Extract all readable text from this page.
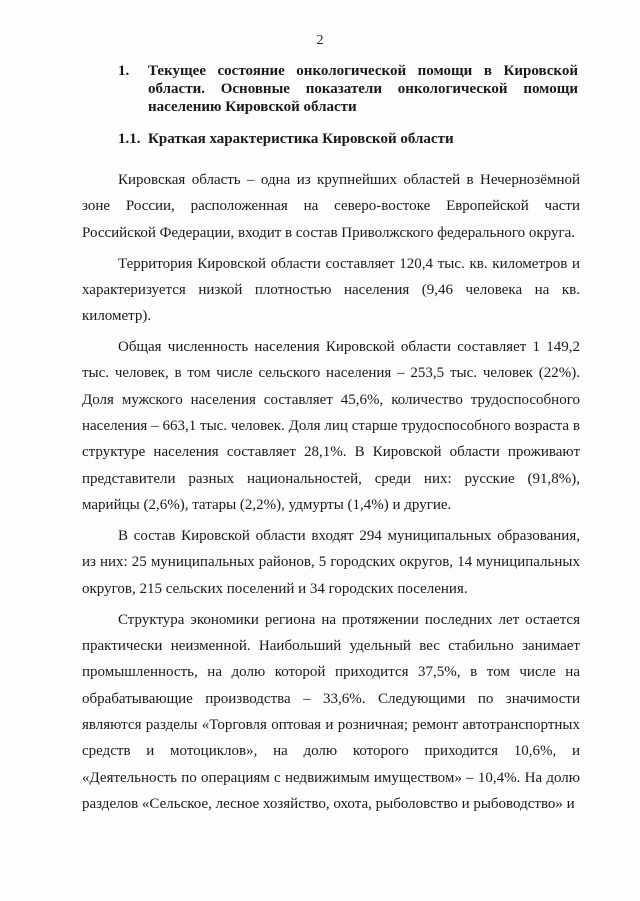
2
1. Текущее состояние онкологической помощи в Кировской области. Основные показатели онкологической помощи населению Кировской области
1.1. Краткая характеристика Кировской области

Кировская область – одна из крупнейших областей в Нечернозёмной зоне России, расположенная на северо-востоке Европейской части Российской Федерации, входит в состав Приволжского федерального округа.

Территория Кировской области составляет 120,4 тыс. кв. километров и характеризуется низкой плотностью населения (9,46 человека на кв. километр).

Общая численность населения Кировской области составляет 1 149,2 тыс. человек, в том числе сельского населения – 253,5 тыс. человек (22%). Доля мужского населения составляет 45,6%, количество трудоспособного населения – 663,1 тыс. человек. Доля лиц старше трудоспособного возраста в структуре населения составляет 28,1%. В Кировской области проживают представители разных национальностей, среди них: русские (91,8%), марийцы (2,6%), татары (2,2%), удмурты (1,4%) и другие.

В состав Кировской области входят 294 муниципальных образования, из них: 25 муниципальных районов, 5 городских округов, 14 муниципальных округов, 215 сельских поселений и 34 городских поселения.

Структура экономики региона на протяжении последних лет остается практически неизменной. Наибольший удельный вес стабильно занимает промышленность, на долю которой приходится 37,5%, в том числе на обрабатывающие производства – 33,6%. Следующими по значимости являются разделы «Торговля оптовая и розничная; ремонт автотранспортных средств и мотоциклов», на долю которого приходится 10,6%, и «Деятельность по операциям с недвижимым имуществом» – 10,4%. На долю разделов «Сельское, лесное хозяйство, охота, рыболовство и рыбоводство» и
